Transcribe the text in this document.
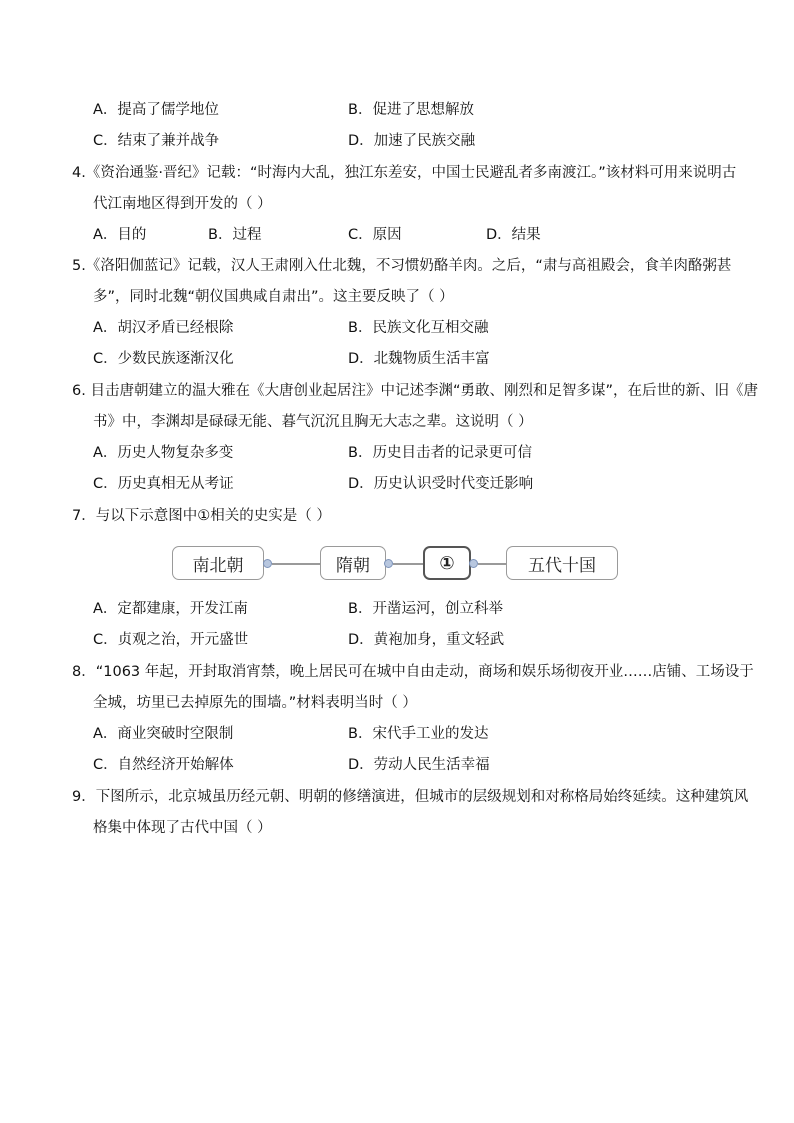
A．提高了儒学地位	B．促进了思想解放
C．结束了兼并战争	D．加速了民族交融
4.《资治通鉴·晋纪》记载：“时海内大乱，独江东差安，中国士民避乱者多南渡江。”该材料可用来说明古
代江南地区得到开发的（ ）
A．目的	B．过程	C．原因	D．结果
5.《洛阳伽蓝记》记载，汉人王肃刚入仕北魏，不习惯奶酪羊肉。之后，“肃与高祖殿会，食羊肉酪粥甚
多”，同时北魏“朝仪国典咸自肃出”。这主要反映了（ ）
A．胡汉矛盾已经根除	B．民族文化互相交融
C．少数民族逐渐汉化	D．北魏物质生活丰富
6. 目击唐朝建立的温大雅在《大唐创业起居注》中记述李渊“勇敢、刚烈和足智多谋”，在后世的新、旧《唐
书》中，李渊却是碌碌无能、暮气沉沉且胸无大志之辈。这说明（ ）
A．历史人物复杂多变	B．历史目击者的记录更可信
C．历史真相无从考证	D．历史认识受时代变迁影响
7．与以下示意图中①相关的史实是（ ）
南北朝	隋朝	①	五代十国
A．定都建康，开发江南	B．开凿运河，创立科举
C．贞观之治，开元盛世	D．黄袍加身，重文轻武
8．“1063 年起，开封取消宵禁，晚上居民可在城中自由走动，商场和娱乐场彻夜开业……店铺、工场设于
全城，坊里已去掉原先的围墙。”材料表明当时（ ）
A．商业突破时空限制	B．宋代手工业的发达
C．自然经济开始解体	D．劳动人民生活幸福
9．下图所示，北京城虽历经元朝、明朝的修缮演进，但城市的层级规划和对称格局始终延续。这种建筑风
格集中体现了古代中国（ ）
